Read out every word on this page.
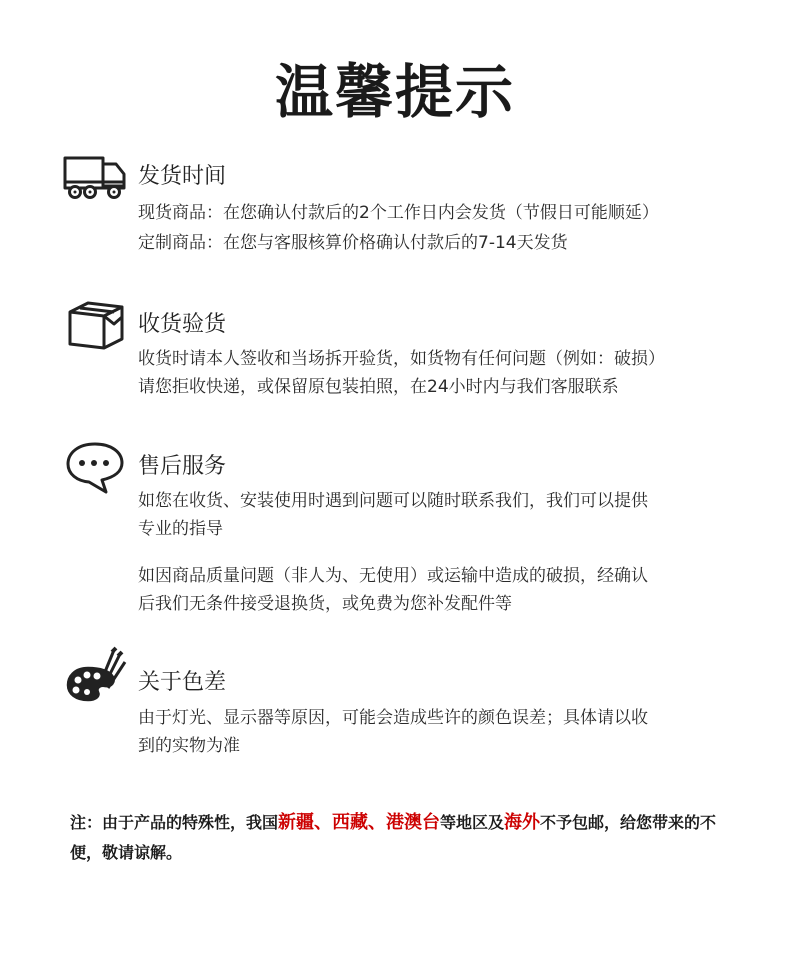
温馨提示
发货时间
现货商品：在您确认付款后的2个工作日内会发货（节假日可能顺延）
定制商品：在您与客服核算价格确认付款后的7-14天发货
收货验货
收货时请本人签收和当场拆开验货，如货物有任何问题（例如：破损）
请您拒收快递，或保留原包装拍照，在24小时内与我们客服联系
售后服务
如您在收货、安装使用时遇到问题可以随时联系我们，我们可以提供
专业的指导
如因商品质量问题（非人为、无使用）或运输中造成的破损，经确认
后我们无条件接受退换货，或免费为您补发配件等
关于色差
由于灯光、显示器等原因，可能会造成些许的颜色误差；具体请以收
到的实物为准
注：由于产品的特殊性，我国新疆、西藏、港澳台等地区及海外不予包邮，给您带来的不便，敬请谅解。
